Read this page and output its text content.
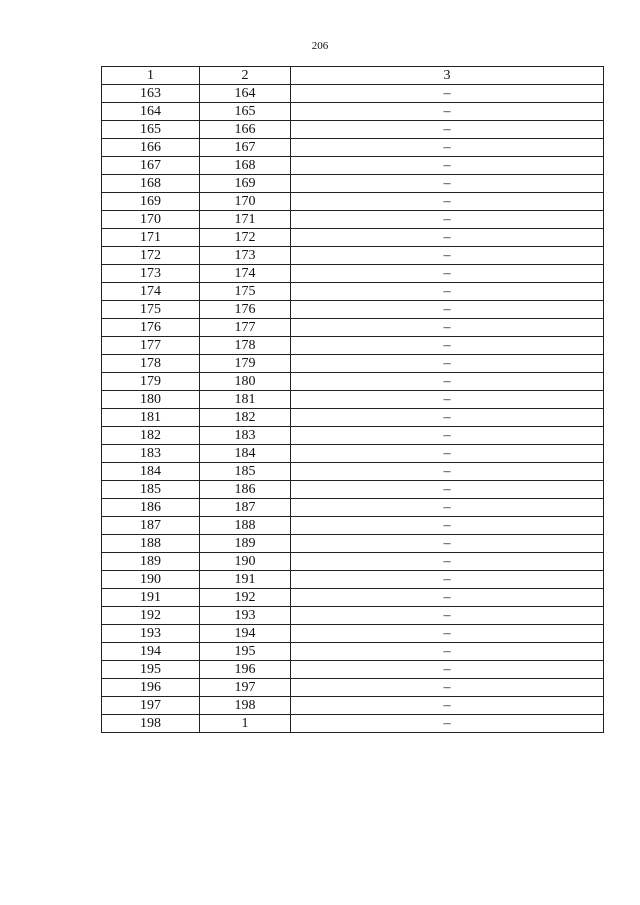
206
1	2	3
163	164	–
164	165	–
165	166	–
166	167	–
167	168	–
168	169	–
169	170	–
170	171	–
171	172	–
172	173	–
173	174	–
174	175	–
175	176	–
176	177	–
177	178	–
178	179	–
179	180	–
180	181	–
181	182	–
182	183	–
183	184	–
184	185	–
185	186	–
186	187	–
187	188	–
188	189	–
189	190	–
190	191	–
191	192	–
192	193	–
193	194	–
194	195	–
195	196	–
196	197	–
197	198	–
198	1	–
